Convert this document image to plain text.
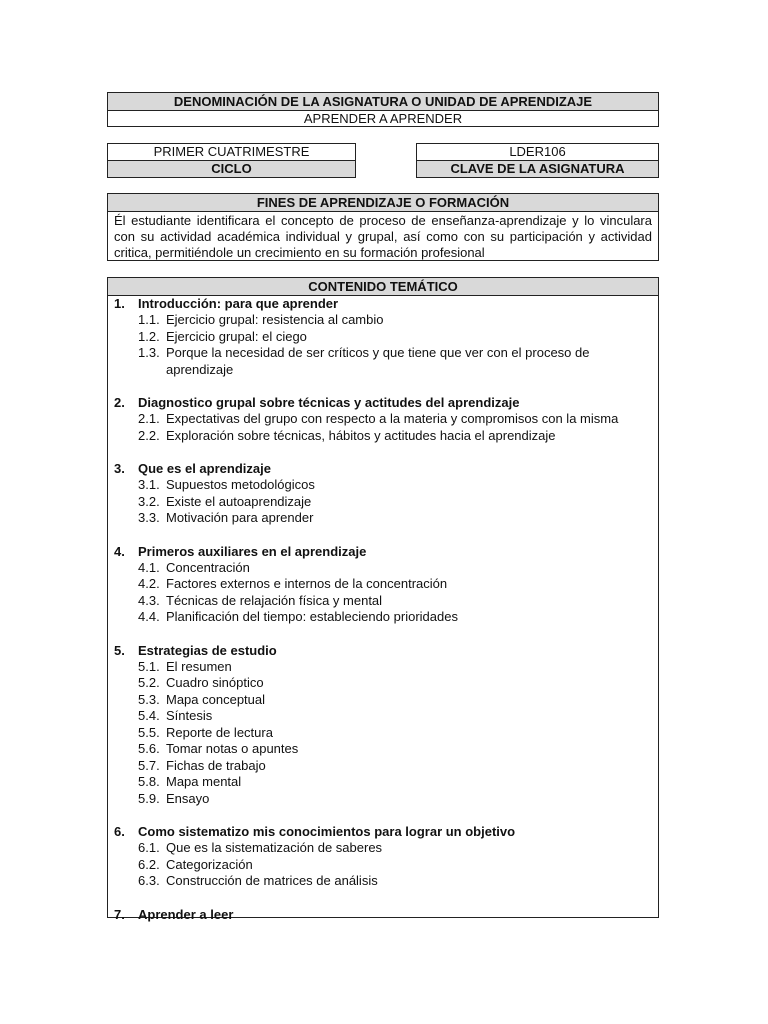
DENOMINACIÓN DE LA ASIGNATURA O UNIDAD DE APRENDIZAJE
APRENDER A APRENDER
PRIMER CUATRIMESTRE
CICLO
LDER106
CLAVE DE LA ASIGNATURA
FINES DE APRENDIZAJE O FORMACIÓN
Él estudiante identificara el concepto de proceso de enseñanza-aprendizaje y lo vinculara con su actividad académica individual y grupal, así como con su participación y actividad critica, permitiéndole un crecimiento en su formación profesional
CONTENIDO TEMÁTICO
1.	Introducción: para que aprender
1.1. Ejercicio grupal: resistencia al cambio
1.2. Ejercicio grupal: el ciego
1.3. Porque la necesidad de ser críticos y que tiene que ver con el proceso de aprendizaje
2.	Diagnostico grupal sobre técnicas y actitudes del aprendizaje
2.1. Expectativas del grupo con respecto a la materia y compromisos con la misma
2.2. Exploración sobre técnicas, hábitos y actitudes hacia el aprendizaje
3.	Que es el aprendizaje
3.1. Supuestos metodológicos
3.2. Existe el autoaprendizaje
3.3. Motivación para aprender
4.	Primeros auxiliares en el aprendizaje
4.1. Concentración
4.2. Factores externos e internos de la concentración
4.3. Técnicas de relajación física y mental
4.4. Planificación del tiempo: estableciendo prioridades
5.	Estrategias de estudio
5.1. El resumen
5.2. Cuadro sinóptico
5.3. Mapa conceptual
5.4. Síntesis
5.5. Reporte de lectura
5.6. Tomar notas o apuntes
5.7. Fichas de trabajo
5.8. Mapa mental
5.9. Ensayo
6.	Como sistematizo mis conocimientos para lograr un objetivo
6.1. Que es la sistematización de saberes
6.2. Categorización
6.3. Construcción de matrices de análisis
7.	Aprender a leer
